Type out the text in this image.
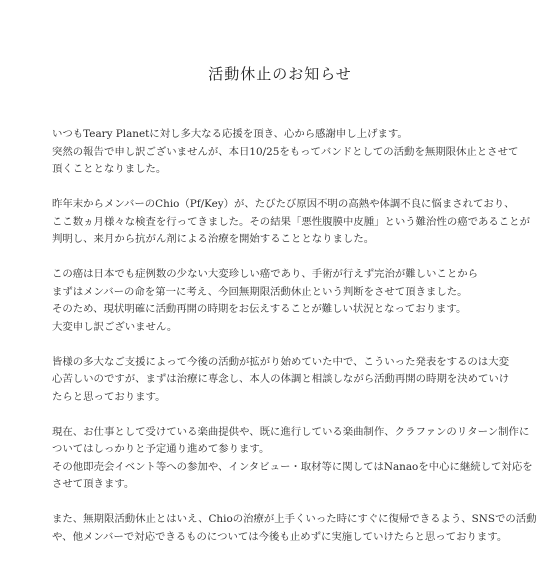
活動休止のお知らせ
いつもTeary Planetに対し多大なる応援を頂き、心から感謝申し上げます。
突然の報告で申し訳ございませんが、本日10/25をもってバンドとしての活動を無期限休止とさせて
頂くこととなりました。
昨年末からメンバーのChio（Pf/Key）が、たびたび原因不明の高熱や体調不良に悩まされており、
ここ数ヵ月様々な検査を行ってきました。その結果「悪性腹膜中皮腫」という難治性の癌であることが
判明し、来月から抗がん剤による治療を開始することとなりました。
この癌は日本でも症例数の少ない大変珍しい癌であり、手術が行えず完治が難しいことから
まずはメンバーの命を第一に考え、今回無期限活動休止という判断をさせて頂きました。
そのため、現状明確に活動再開の時期をお伝えすることが難しい状況となっております。
大変申し訳ございません。
皆様の多大なご支援によって今後の活動が拡がり始めていた中で、こういった発表をするのは大変
心苦しいのですが、まずは治療に専念し、本人の体調と相談しながら活動再開の時期を決めていけ
たらと思っております。
現在、お仕事として受けている楽曲提供や、既に進行している楽曲制作、クラファンのリターン制作に
ついてはしっかりと予定通り進めて参ります。
その他即売会イベント等への参加や、インタビュー・取材等に関してはNanaoを中心に継続して対応を
させて頂きます。
また、無期限活動休止とはいえ、Chioの治療が上手くいった時にすぐに復帰できるよう、SNSでの活動
や、他メンバーで対応できるものについては今後も止めずに実施していけたらと思っております。
